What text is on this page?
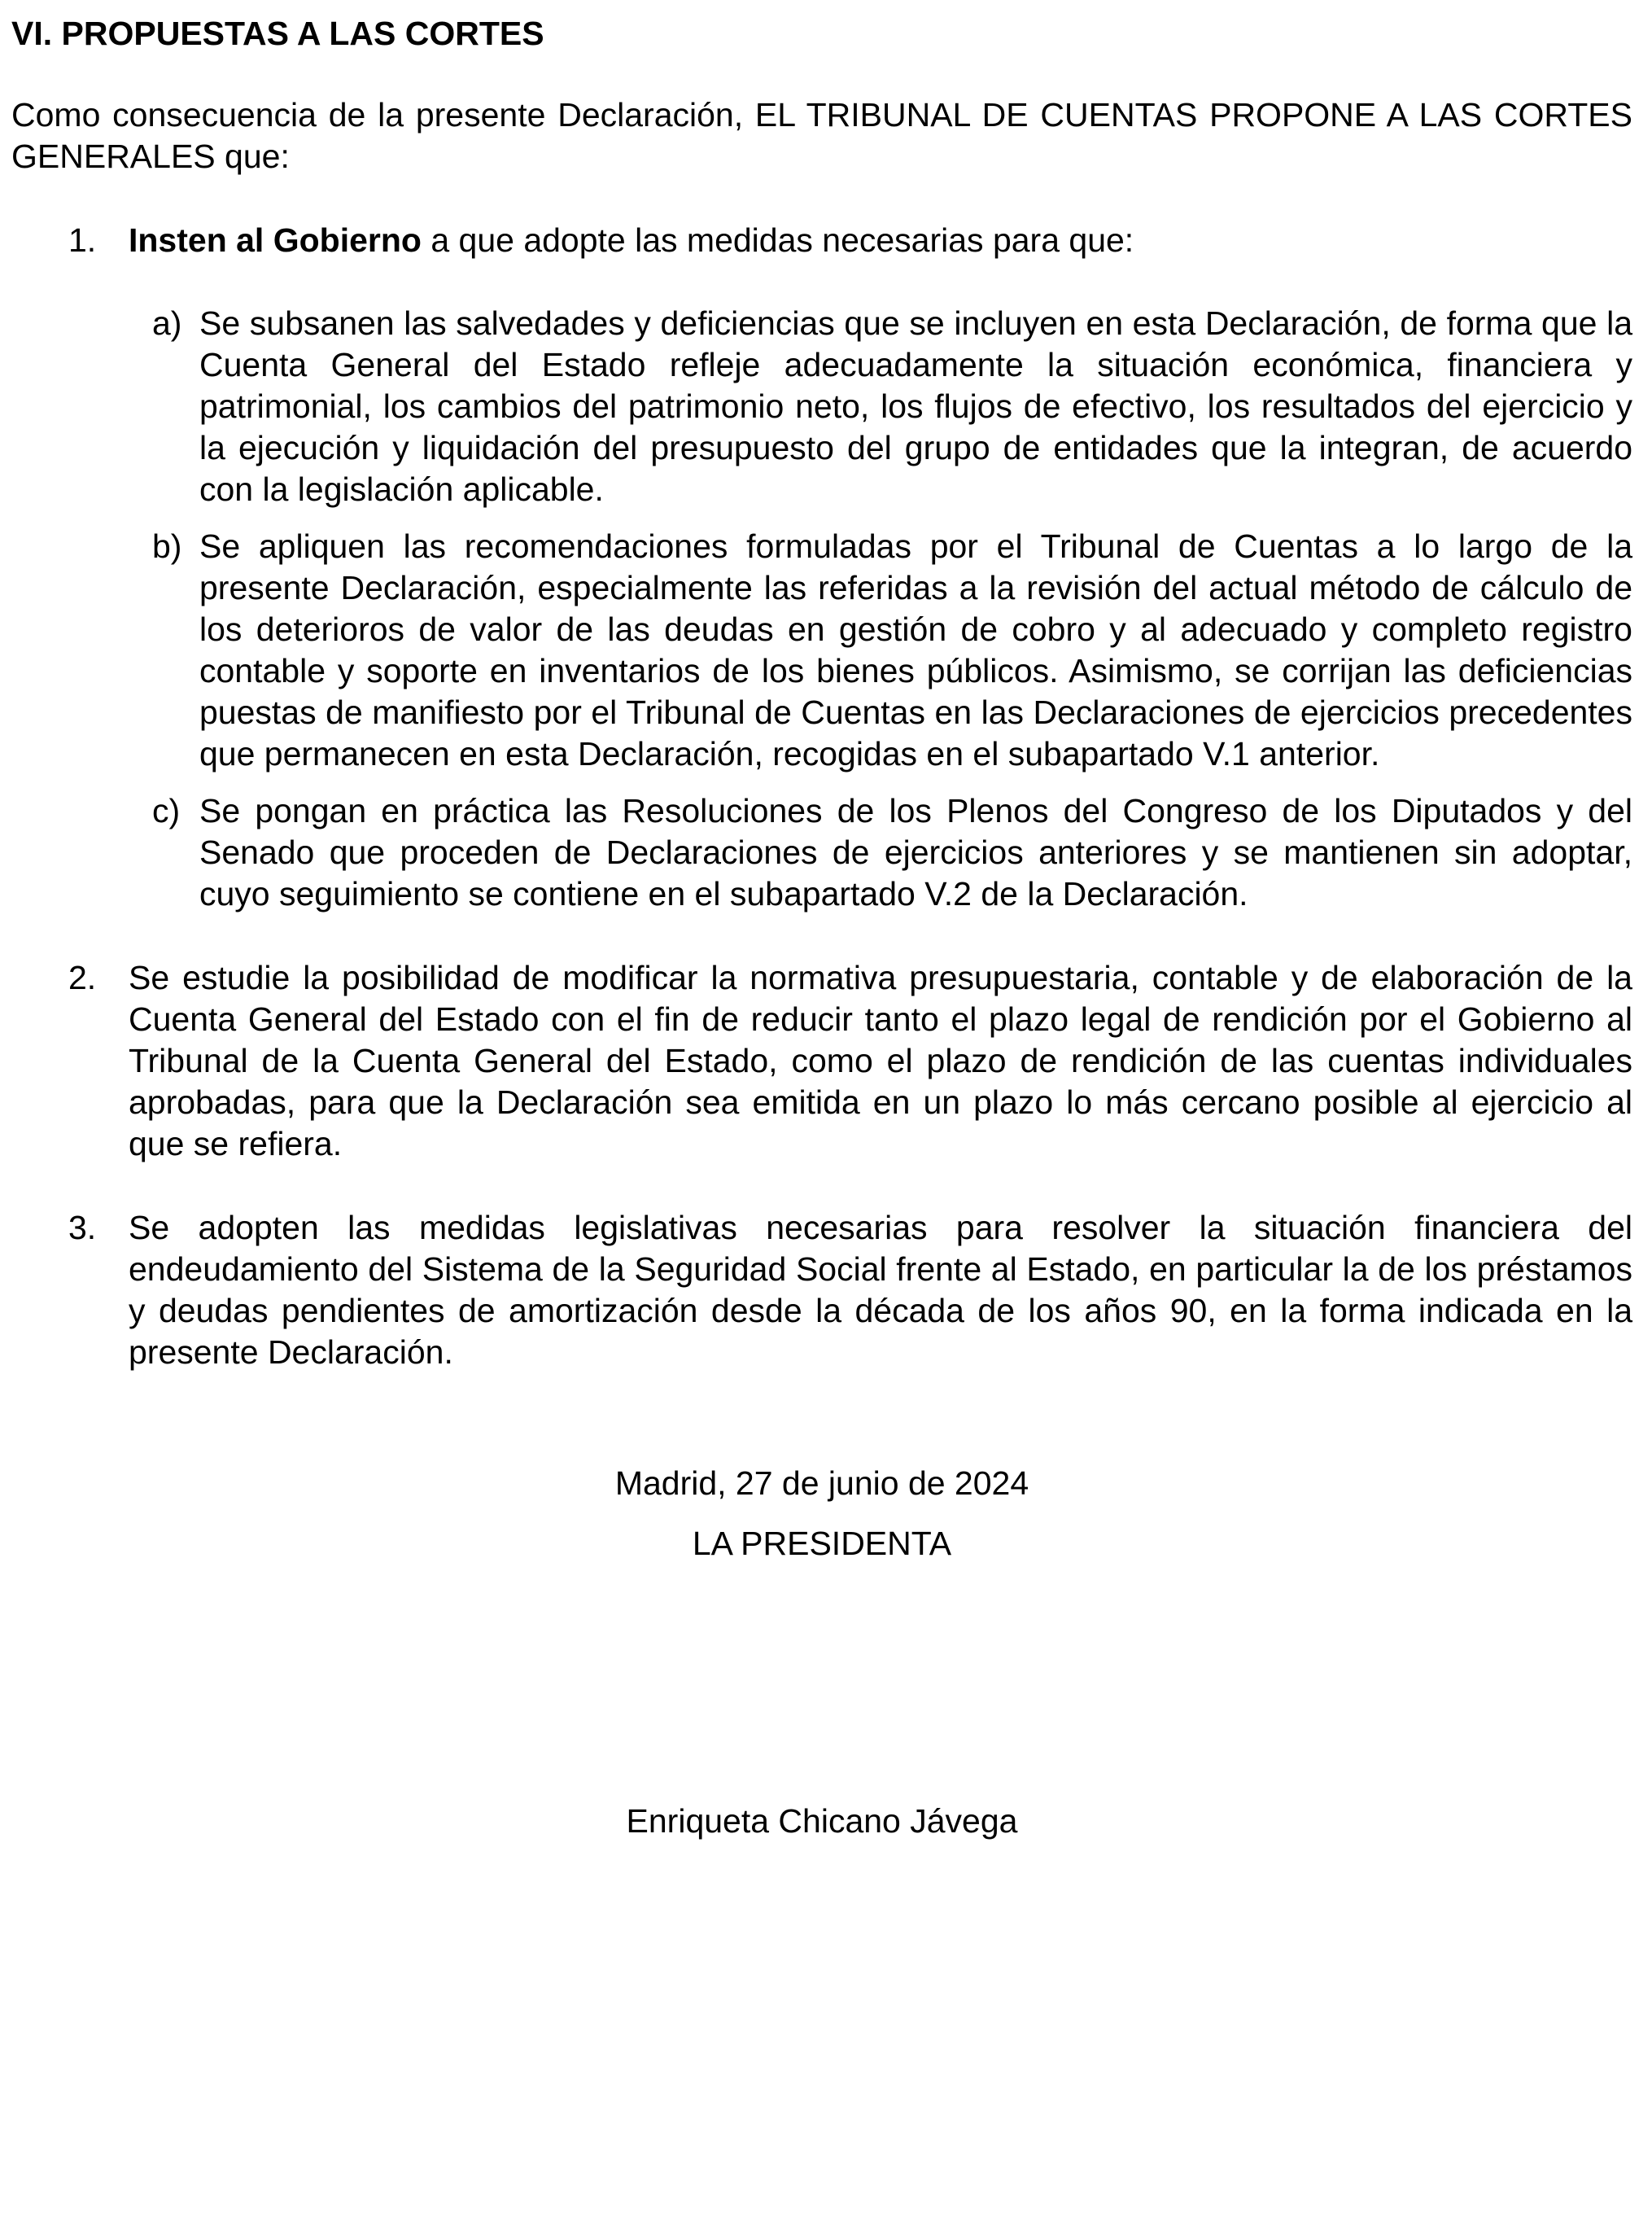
VI. PROPUESTAS A LAS CORTES

Como consecuencia de la presente Declaración, EL TRIBUNAL DE CUENTAS PROPONE A LAS CORTES GENERALES que:

1. Insten al Gobierno a que adopte las medidas necesarias para que:

a) Se subsanen las salvedades y deficiencias que se incluyen en esta Declaración, de forma que la Cuenta General del Estado refleje adecuadamente la situación económica, financiera y patrimonial, los cambios del patrimonio neto, los flujos de efectivo, los resultados del ejercicio y la ejecución y liquidación del presupuesto del grupo de entidades que la integran, de acuerdo con la legislación aplicable.

b) Se apliquen las recomendaciones formuladas por el Tribunal de Cuentas a lo largo de la presente Declaración, especialmente las referidas a la revisión del actual método de cálculo de los deterioros de valor de las deudas en gestión de cobro y al adecuado y completo registro contable y soporte en inventarios de los bienes públicos. Asimismo, se corrijan las deficiencias puestas de manifiesto por el Tribunal de Cuentas en las Declaraciones de ejercicios precedentes que permanecen en esta Declaración, recogidas en el subapartado V.1 anterior.

c) Se pongan en práctica las Resoluciones de los Plenos del Congreso de los Diputados y del Senado que proceden de Declaraciones de ejercicios anteriores y se mantienen sin adoptar, cuyo seguimiento se contiene en el subapartado V.2 de la Declaración.

2. Se estudie la posibilidad de modificar la normativa presupuestaria, contable y de elaboración de la Cuenta General del Estado con el fin de reducir tanto el plazo legal de rendición por el Gobierno al Tribunal de la Cuenta General del Estado, como el plazo de rendición de las cuentas individuales aprobadas, para que la Declaración sea emitida en un plazo lo más cercano posible al ejercicio al que se refiera.

3. Se adopten las medidas legislativas necesarias para resolver la situación financiera del endeudamiento del Sistema de la Seguridad Social frente al Estado, en particular la de los préstamos y deudas pendientes de amortización desde la década de los años 90, en la forma indicada en la presente Declaración.

Madrid, 27 de junio de 2024

LA PRESIDENTA

Enriqueta Chicano Jávega
